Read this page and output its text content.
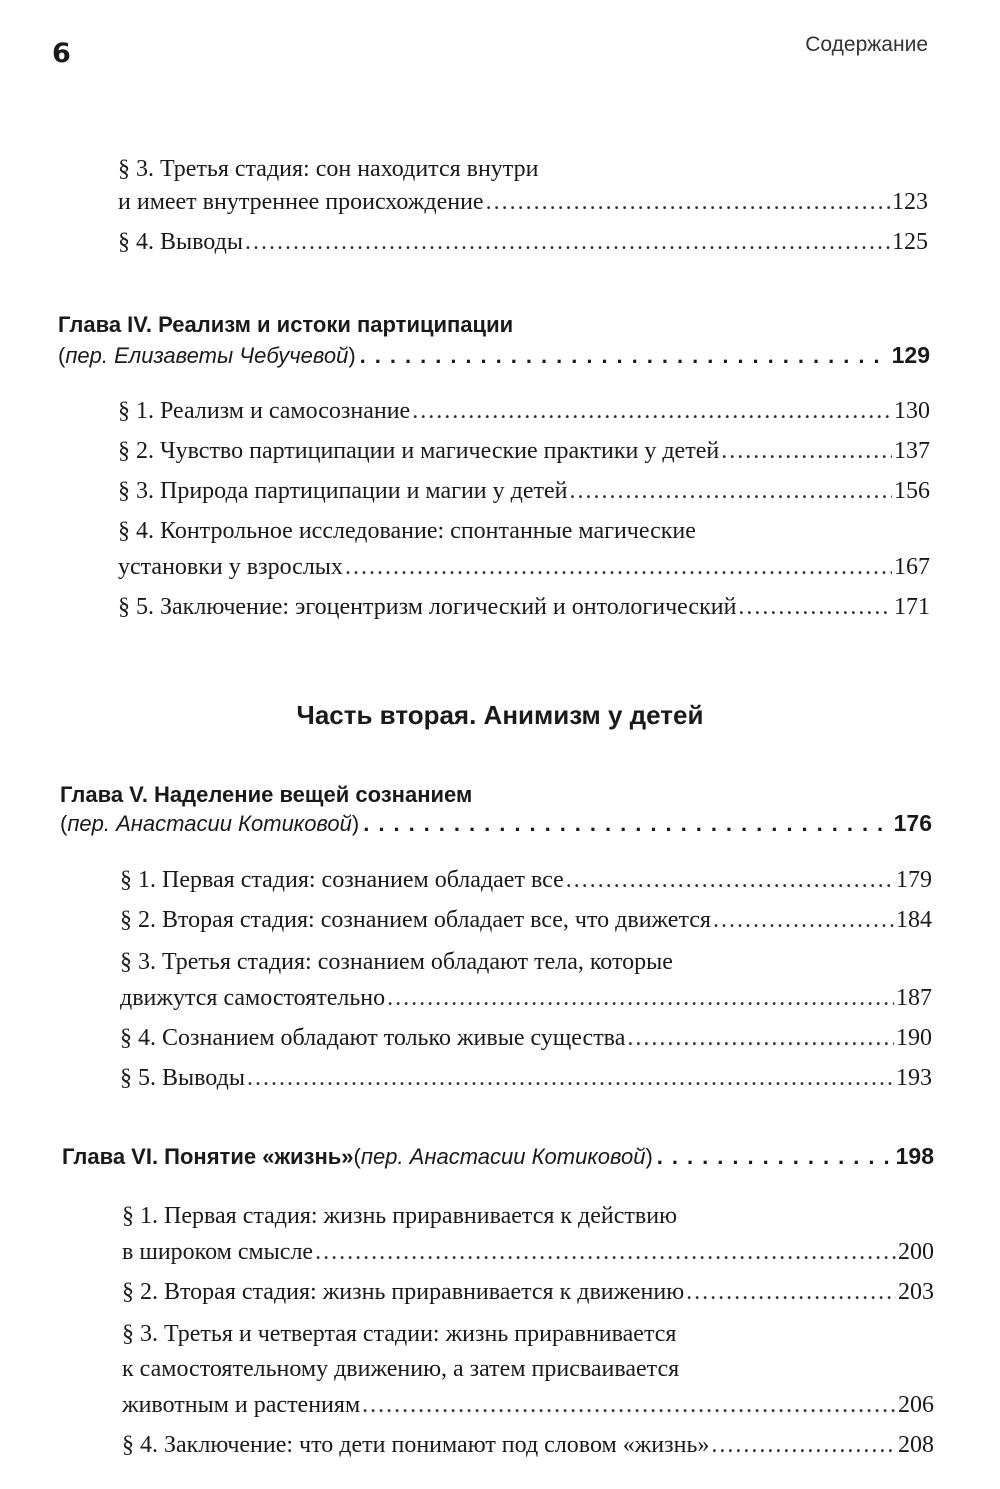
6	Содержание
§ 3. Третья стадия: сон находится внутри
и имеет внутреннее происхождение .....	123
§ 4. Выводы .....	125
Глава IV. Реализм и истоки партиципации
( пер. Елизаветы Чебучевой ) .....	129
§ 1. Реализм и самосознание .....	130
§ 2. Чувство партиципации и магические практики у детей .....	137
§ 3. Природа партиципации и магии у детей .....	156
§ 4. Контрольное исследование: спонтанные магические
установки у взрослых .....	167
§ 5. Заключение: эгоцентризм логический и онтологический .....	171
Часть вторая. Анимизм у детей
Глава V. Наделение вещей сознанием
( пер. Анастасии Котиковой ) .....	176
§ 1. Первая стадия: сознанием обладает все .....	179
§ 2. Вторая стадия: сознанием обладает все, что движется .....	184
§ 3. Третья стадия: сознанием обладают тела, которые
движутся самостоятельно .....	187
§ 4. Сознанием обладают только живые существа .....	190
§ 5. Выводы .....	193
Глава VI. Понятие «жизнь» ( пер. Анастасии Котиковой ) .....	198
§ 1. Первая стадия: жизнь приравнивается к действию
в широком смысле .....	200
§ 2. Вторая стадия: жизнь приравнивается к движению .....	203
§ 3. Третья и четвертая стадии: жизнь приравнивается
к самостоятельному движению, а затем присваивается
животным и растениям .....	206
§ 4. Заключение: что дети понимают под словом «жизнь» .....	208
